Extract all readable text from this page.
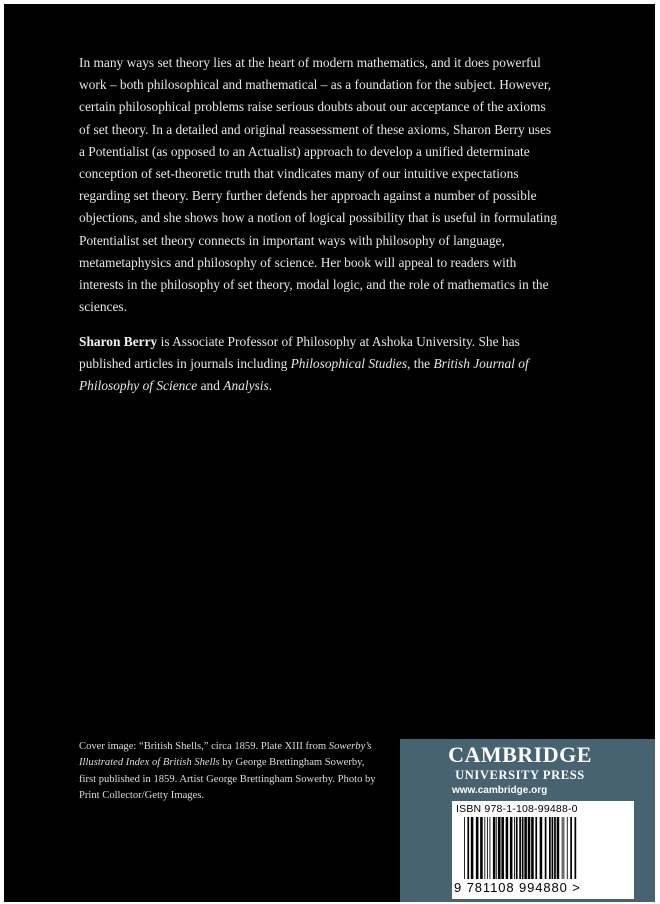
In many ways set theory lies at the heart of modern mathematics, and it does powerful work – both philosophical and mathematical – as a foundation for the subject. However, certain philosophical problems raise serious doubts about our acceptance of the axioms of set theory. In a detailed and original reassessment of these axioms, Sharon Berry uses a Potentialist (as opposed to an Actualist) approach to develop a unified determinate conception of set-theoretic truth that vindicates many of our intuitive expectations regarding set theory. Berry further defends her approach against a number of possible objections, and she shows how a notion of logical possibility that is useful in formulating Potentialist set theory connects in important ways with philosophy of language, metametaphysics and philosophy of science. Her book will appeal to readers with interests in the philosophy of set theory, modal logic, and the role of mathematics in the sciences.

Sharon Berry is Associate Professor of Philosophy at Ashoka University. She has published articles in journals including Philosophical Studies, the British Journal of Philosophy of Science and Analysis.

Cover image: “British Shells,” circa 1859. Plate XIII from Sowerby’s Illustrated Index of British Shells by George Brettingham Sowerby, first published in 1859. Artist George Brettingham Sowerby. Photo by Print Collector/Getty Images.

CAMBRIDGE
UNIVERSITY PRESS
www.cambridge.org
ISBN 978-1-108-99488-0
9 781108 994880 >
